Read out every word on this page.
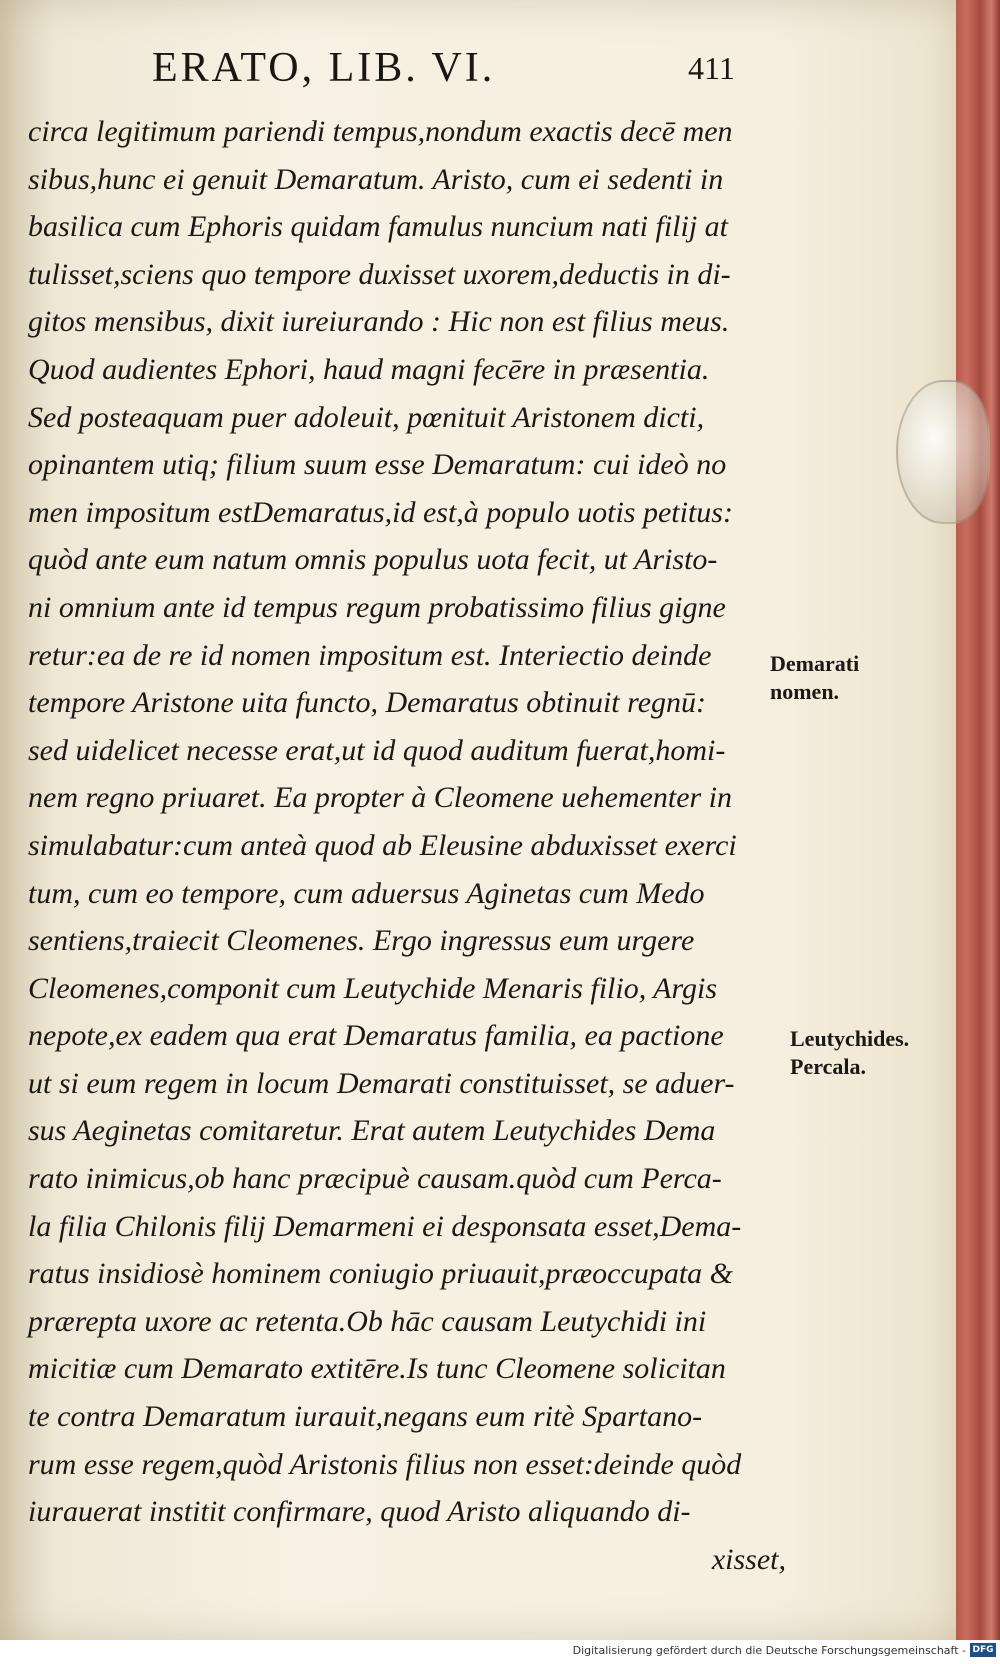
ERATO, LIB. VI.	411
circa legitimum pariendi tempus,nondum exactis decē men
sibus,hunc ei genuit Demaratum. Aristo, cum ei sedenti in
basilica cum Ephoris quidam famulus nuncium nati filij at
tulisset,sciens quo tempore duxisset uxorem,deductis in di-
gitos mensibus, dixit iureiurando : Hic non est filius meus.
Quod audientes Ephori, haud magni fecēre in præsentia.
Sed posteaquam puer adoleuit, pœnituit Aristonem dicti,
opinantem utiq; filium suum esse Demaratum: cui ideò no
men impositum estDemaratus,id est,à populo uotis petitus:
quòd ante eum natum omnis populus uota fecit, ut Aristo-
ni omnium ante id tempus regum probatissimo filius gigne
retur:ea de re id nomen impositum est. Interiectio deinde
tempore Aristone uita functo, Demaratus obtinuit regnū:
sed uidelicet necesse erat,ut id quod auditum fuerat,homi-
nem regno priuaret. Ea propter à Cleomene uehementer in
simulabatur:cum anteà quod ab Eleusine abduxisset exerci
tum, cum eo tempore, cum aduersus Aginetas cum Medo
sentiens,traiecit Cleomenes. Ergo ingressus eum urgere
Cleomenes,componit cum Leutychide Menaris filio, Argis
nepote,ex eadem qua erat Demaratus familia, ea pactione
ut si eum regem in locum Demarati constituisset, se aduer-
sus Aeginetas comitaretur. Erat autem Leutychides Dema
rato inimicus,ob hanc præcipuè causam.quòd cum Perca-
la filia Chilonis filij Demarmeni ei desponsata esset,Dema-
ratus insidiosè hominem coniugio priuauit,præoccupata &
prærepta uxore ac retenta.Ob hāc causam Leutychidi ini
micitiæ cum Demarato extitēre.Is tunc Cleomene solicitan
te contra Demaratum iurauit,negans eum ritè Spartano-
rum esse regem,quòd Aristonis filius non esset:deinde quòd
iurauerat institit confirmare, quod Aristo aliquando di-
xisset,
Demarati
nomen.
Leutychides.
Percala.
Digitalisierung gefördert durch die Deutsche Forschungsgemeinschaft - DFG
